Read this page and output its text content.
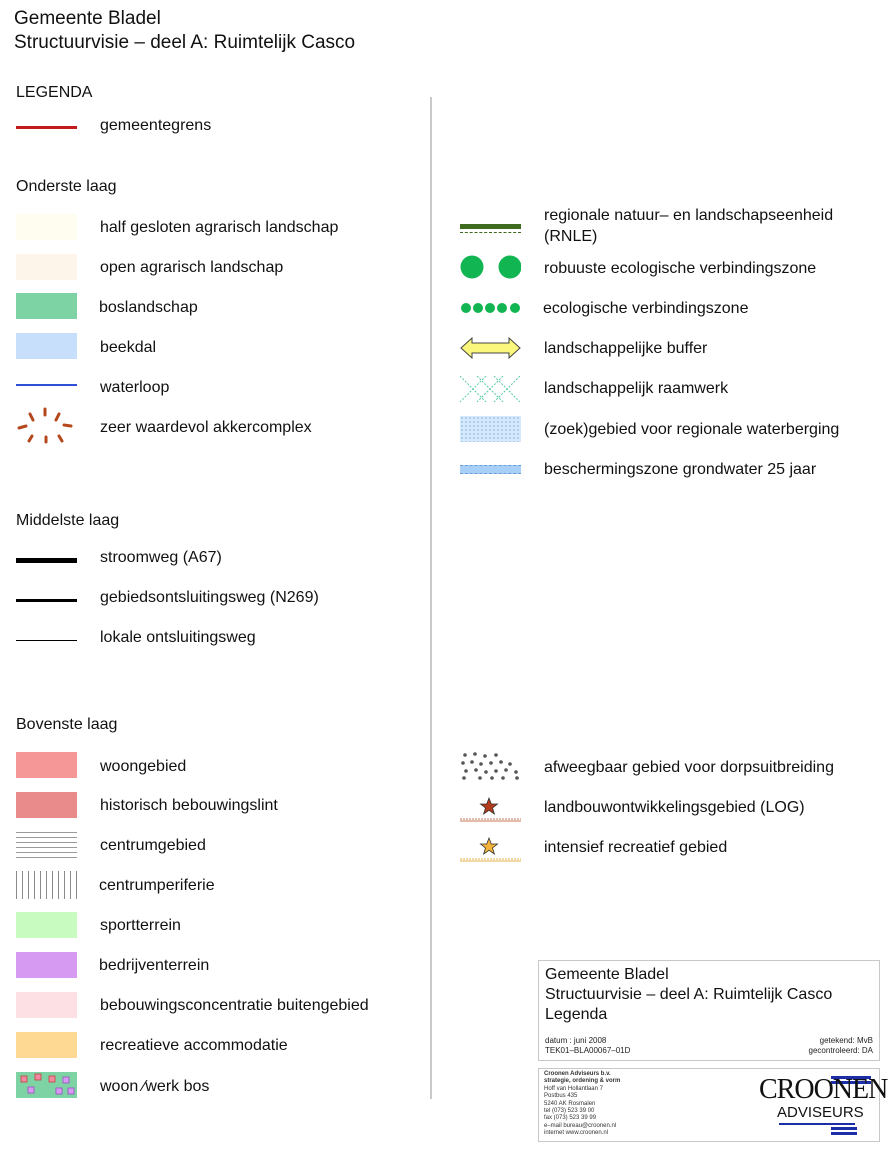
Gemeente Bladel
Structuurvisie – deel A: Ruimtelijk Casco
LEGENDA
gemeentegrens
Onderste laag
half gesloten agrarisch landschap
open agrarisch landschap
boslandschap
beekdal
waterloop
zeer waardevol akkercomplex
Middelste laag
stroomweg (A67)
gebiedsontsluitingsweg (N269)
lokale ontsluitingsweg
Bovenste laag
woongebied
historisch bebouwingslint
centrumgebied
centrumperiferie
sportterrein
bedrijventerrein
bebouwingsconcentratie buitengebied
recreatieve accommodatie
woon ⁄werk bos
regionale natuur– en landschapseenheid
(RNLE)
robuuste ecologische verbindingszone
ecologische verbindingszone
landschappelijke buffer
landschappelijk raamwerk
(zoek)gebied voor regionale waterberging
beschermingszone grondwater 25 jaar
afweegbaar gebied voor dorpsuitbreiding
landbouwontwikkelingsgebied (LOG)
intensief recreatief gebied
Gemeente Bladel
Structuurvisie – deel A: Ruimtelijk Casco
Legenda
datum : juni 2008
TEK01–BLA00067–01D
getekend: MvB
gecontroleerd: DA
Croonen Adviseurs b.v.
strategie, ordening & vorm
Hoff van Hollantlaan 7
Postbus 435
5240 AK Rosmalen
tel (073) 523 39 00
fax (073) 523 39 99
e–mail bureau@croonen.nl
internet www.croonen.nl
CROONEN
ADVISEURS
